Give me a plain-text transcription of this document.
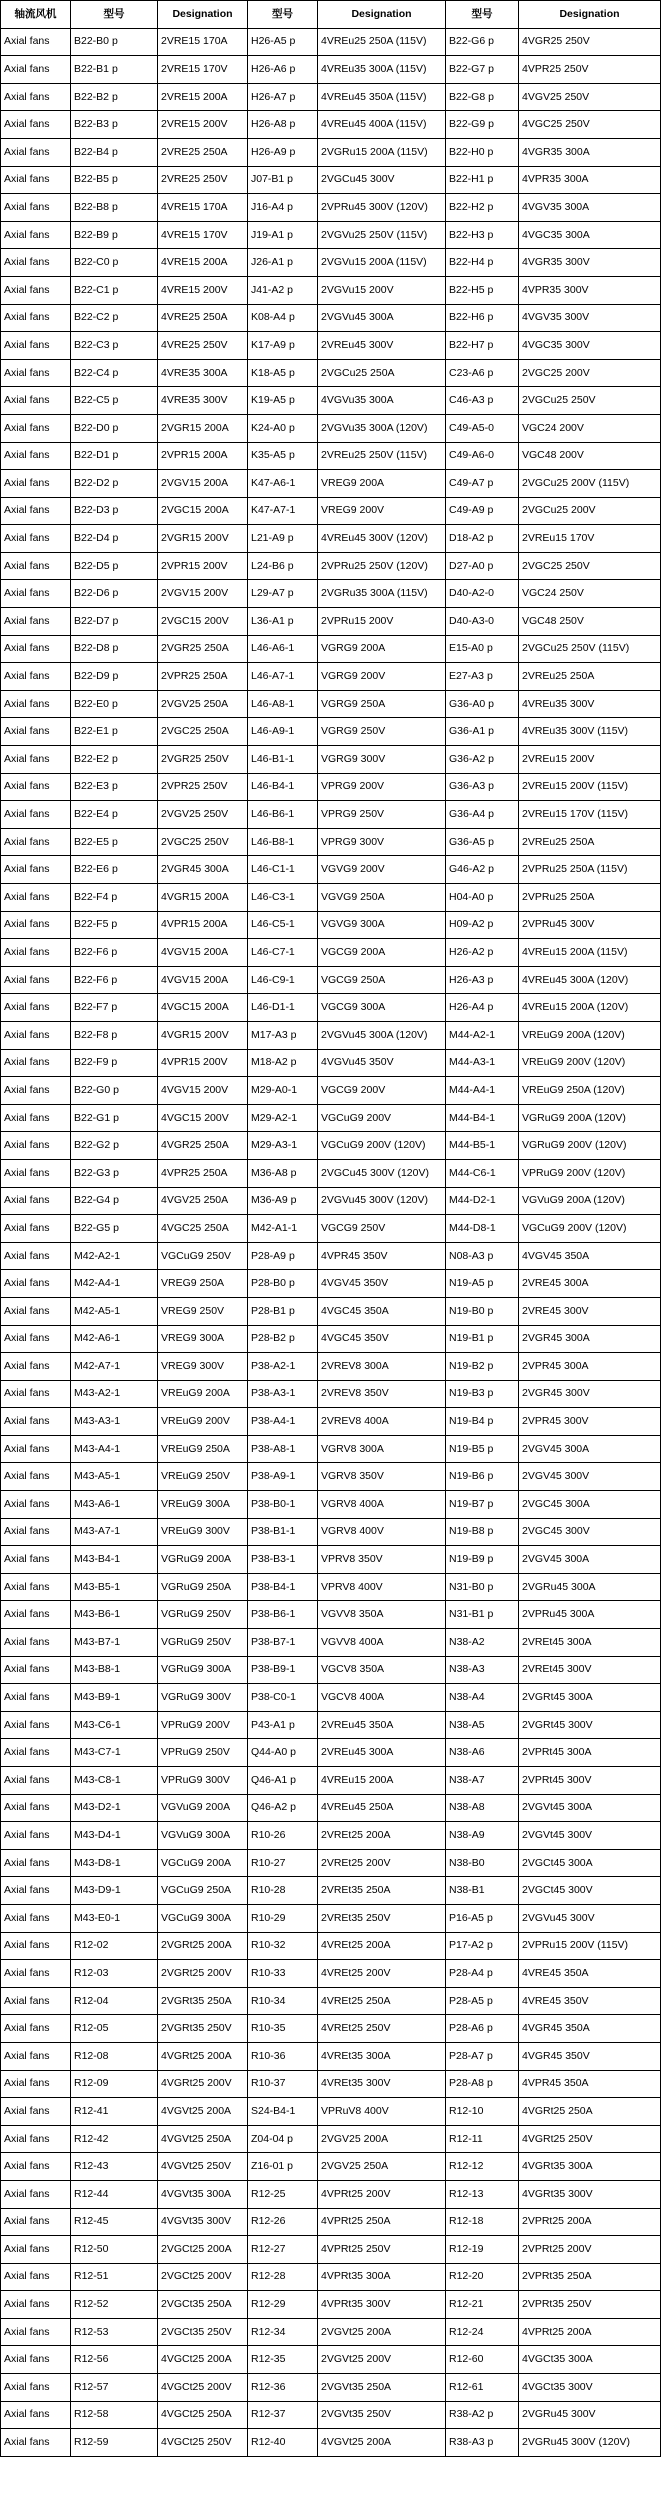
轴流风机	型号	Designation	型号	Designation	型号	Designation
Axial fans	B22-B0 p	2VRE15 170A	H26-A5 p	4VREu25 250A (115V)	B22-G6 p	4VGR25 250V
Axial fans	B22-B1 p	2VRE15 170V	H26-A6 p	4VREu35 300A (115V)	B22-G7 p	4VPR25 250V
Axial fans	B22-B2 p	2VRE15 200A	H26-A7 p	4VREu45 350A (115V)	B22-G8 p	4VGV25 250V
Axial fans	B22-B3 p	2VRE15 200V	H26-A8 p	4VREu45 400A (115V)	B22-G9 p	4VGC25 250V
Axial fans	B22-B4 p	2VRE25 250A	H26-A9 p	2VGRu15 200A (115V)	B22-H0 p	4VGR35 300A
Axial fans	B22-B5 p	2VRE25 250V	J07-B1 p	2VGCu45 300V	B22-H1 p	4VPR35 300A
Axial fans	B22-B8 p	4VRE15 170A	J16-A4 p	2VPRu45 300V (120V)	B22-H2 p	4VGV35 300A
Axial fans	B22-B9 p	4VRE15 170V	J19-A1 p	2VGVu25 250V (115V)	B22-H3 p	4VGC35 300A
Axial fans	B22-C0 p	4VRE15 200A	J26-A1 p	2VGVu15 200A (115V)	B22-H4 p	4VGR35 300V
Axial fans	B22-C1 p	4VRE15 200V	J41-A2 p	2VGVu15 200V	B22-H5 p	4VPR35 300V
Axial fans	B22-C2 p	4VRE25 250A	K08-A4 p	2VGVu45 300A	B22-H6 p	4VGV35 300V
Axial fans	B22-C3 p	4VRE25 250V	K17-A9 p	2VREu45 300V	B22-H7 p	4VGC35 300V
Axial fans	B22-C4 p	4VRE35 300A	K18-A5 p	2VGCu25 250A	C23-A6 p	2VGC25 200V
Axial fans	B22-C5 p	4VRE35 300V	K19-A5 p	4VGVu35 300A	C46-A3 p	2VGCu25 250V
Axial fans	B22-D0 p	2VGR15 200A	K24-A0 p	2VGVu35 300A (120V)	C49-A5-0	VGC24 200V
Axial fans	B22-D1 p	2VPR15 200A	K35-A5 p	2VREu25 250V (115V)	C49-A6-0	VGC48 200V
Axial fans	B22-D2 p	2VGV15 200A	K47-A6-1	VREG9 200A	C49-A7 p	2VGCu25 200V (115V)
Axial fans	B22-D3 p	2VGC15 200A	K47-A7-1	VREG9 200V	C49-A9 p	2VGCu25 200V
Axial fans	B22-D4 p	2VGR15 200V	L21-A9 p	4VREu45 300V (120V)	D18-A2 p	2VREu15 170V
Axial fans	B22-D5 p	2VPR15 200V	L24-B6 p	2VPRu25 250V (120V)	D27-A0 p	2VGC25 250V
Axial fans	B22-D6 p	2VGV15 200V	L29-A7 p	2VGRu35 300A (115V)	D40-A2-0	VGC24 250V
Axial fans	B22-D7 p	2VGC15 200V	L36-A1 p	2VPRu15 200V	D40-A3-0	VGC48 250V
Axial fans	B22-D8 p	2VGR25 250A	L46-A6-1	VGRG9 200A	E15-A0 p	2VGCu25 250V (115V)
Axial fans	B22-D9 p	2VPR25 250A	L46-A7-1	VGRG9 200V	E27-A3 p	2VREu25 250A
Axial fans	B22-E0 p	2VGV25 250A	L46-A8-1	VGRG9 250A	G36-A0 p	4VREu35 300V
Axial fans	B22-E1 p	2VGC25 250A	L46-A9-1	VGRG9 250V	G36-A1 p	4VREu35 300V (115V)
Axial fans	B22-E2 p	2VGR25 250V	L46-B1-1	VGRG9 300V	G36-A2 p	2VREu15 200V
Axial fans	B22-E3 p	2VPR25 250V	L46-B4-1	VPRG9 200V	G36-A3 p	2VREu15 200V (115V)
Axial fans	B22-E4 p	2VGV25 250V	L46-B6-1	VPRG9 250V	G36-A4 p	2VREu15 170V (115V)
Axial fans	B22-E5 p	2VGC25 250V	L46-B8-1	VPRG9 300V	G36-A5 p	2VREu25 250A
Axial fans	B22-E6 p	2VGR45 300A	L46-C1-1	VGVG9 200V	G46-A2 p	2VPRu25 250A (115V)
Axial fans	B22-F4 p	4VGR15 200A	L46-C3-1	VGVG9 250A	H04-A0 p	2VPRu25 250A
Axial fans	B22-F5 p	4VPR15 200A	L46-C5-1	VGVG9 300A	H09-A2 p	2VPRu45 300V
Axial fans	B22-F6 p	4VGV15 200A	L46-C7-1	VGCG9 200A	H26-A2 p	4VREu15 200A (115V)
Axial fans	B22-F6 p	4VGV15 200A	L46-C9-1	VGCG9 250A	H26-A3 p	4VREu45 300A (120V)
Axial fans	B22-F7 p	4VGC15 200A	L46-D1-1	VGCG9 300A	H26-A4 p	4VREu15 200A (120V)
Axial fans	B22-F8 p	4VGR15 200V	M17-A3 p	2VGVu45 300A (120V)	M44-A2-1	VREuG9 200A (120V)
Axial fans	B22-F9 p	4VPR15 200V	M18-A2 p	4VGVu45 350V	M44-A3-1	VREuG9 200V (120V)
Axial fans	B22-G0 p	4VGV15 200V	M29-A0-1	VGCG9 200V	M44-A4-1	VREuG9 250A (120V)
Axial fans	B22-G1 p	4VGC15 200V	M29-A2-1	VGCuG9 200V	M44-B4-1	VGRuG9 200A (120V)
Axial fans	B22-G2 p	4VGR25 250A	M29-A3-1	VGCuG9 200V (120V)	M44-B5-1	VGRuG9 200V (120V)
Axial fans	B22-G3 p	4VPR25 250A	M36-A8 p	2VGCu45 300V (120V)	M44-C6-1	VPRuG9 200V (120V)
Axial fans	B22-G4 p	4VGV25 250A	M36-A9 p	2VGVu45 300V (120V)	M44-D2-1	VGVuG9 200A (120V)
Axial fans	B22-G5 p	4VGC25 250A	M42-A1-1	VGCG9 250V	M44-D8-1	VGCuG9 200V (120V)
Axial fans	M42-A2-1	VGCuG9 250V	P28-A9 p	4VPR45 350V	N08-A3 p	4VGV45 350A
Axial fans	M42-A4-1	VREG9 250A	P28-B0 p	4VGV45 350V	N19-A5 p	2VRE45 300A
Axial fans	M42-A5-1	VREG9 250V	P28-B1 p	4VGC45 350A	N19-B0 p	2VRE45 300V
Axial fans	M42-A6-1	VREG9 300A	P28-B2 p	4VGC45 350V	N19-B1 p	2VGR45 300A
Axial fans	M42-A7-1	VREG9 300V	P38-A2-1	2VREV8 300A	N19-B2 p	2VPR45 300A
Axial fans	M43-A2-1	VREuG9 200A	P38-A3-1	2VREV8 350V	N19-B3 p	2VGR45 300V
Axial fans	M43-A3-1	VREuG9 200V	P38-A4-1	2VREV8 400A	N19-B4 p	2VPR45 300V
Axial fans	M43-A4-1	VREuG9 250A	P38-A8-1	VGRV8 300A	N19-B5 p	2VGV45 300A
Axial fans	M43-A5-1	VREuG9 250V	P38-A9-1	VGRV8 350V	N19-B6 p	2VGV45 300V
Axial fans	M43-A6-1	VREuG9 300A	P38-B0-1	VGRV8 400A	N19-B7 p	2VGC45 300A
Axial fans	M43-A7-1	VREuG9 300V	P38-B1-1	VGRV8 400V	N19-B8 p	2VGC45 300V
Axial fans	M43-B4-1	VGRuG9 200A	P38-B3-1	VPRV8 350V	N19-B9 p	2VGV45 300A
Axial fans	M43-B5-1	VGRuG9 250A	P38-B4-1	VPRV8 400V	N31-B0 p	2VGRu45 300A
Axial fans	M43-B6-1	VGRuG9 250V	P38-B6-1	VGVV8 350A	N31-B1 p	2VPRu45 300A
Axial fans	M43-B7-1	VGRuG9 250V	P38-B7-1	VGVV8 400A	N38-A2	2VREt45 300A
Axial fans	M43-B8-1	VGRuG9 300A	P38-B9-1	VGCV8 350A	N38-A3	2VREt45 300V
Axial fans	M43-B9-1	VGRuG9 300V	P38-C0-1	VGCV8 400A	N38-A4	2VGRt45 300A
Axial fans	M43-C6-1	VPRuG9 200V	P43-A1 p	2VREu45 350A	N38-A5	2VGRt45 300V
Axial fans	M43-C7-1	VPRuG9 250V	Q44-A0 p	2VREu45 300A	N38-A6	2VPRt45 300A
Axial fans	M43-C8-1	VPRuG9 300V	Q46-A1 p	4VREu15 200A	N38-A7	2VPRt45 300V
Axial fans	M43-D2-1	VGVuG9 200A	Q46-A2 p	4VREu45 250A	N38-A8	2VGVt45 300A
Axial fans	M43-D4-1	VGVuG9 300A	R10-26	2VREt25 200A	N38-A9	2VGVt45 300V
Axial fans	M43-D8-1	VGCuG9 200A	R10-27	2VREt25 200V	N38-B0	2VGCt45 300A
Axial fans	M43-D9-1	VGCuG9 250A	R10-28	2VREt35 250A	N38-B1	2VGCt45 300V
Axial fans	M43-E0-1	VGCuG9 300A	R10-29	2VREt35 250V	P16-A5 p	2VGVu45 300V
Axial fans	R12-02	2VGRt25 200A	R10-32	4VREt25 200A	P17-A2 p	2VPRu15 200V (115V)
Axial fans	R12-03	2VGRt25 200V	R10-33	4VREt25 200V	P28-A4 p	4VRE45 350A
Axial fans	R12-04	2VGRt35 250A	R10-34	4VREt25 250A	P28-A5 p	4VRE45 350V
Axial fans	R12-05	2VGRt35 250V	R10-35	4VREt25 250V	P28-A6 p	4VGR45 350A
Axial fans	R12-08	4VGRt25 200A	R10-36	4VREt35 300A	P28-A7 p	4VGR45 350V
Axial fans	R12-09	4VGRt25 200V	R10-37	4VREt35 300V	P28-A8 p	4VPR45 350A
Axial fans	R12-41	4VGVt25 200A	S24-B4-1	VPRuV8 400V	R12-10	4VGRt25 250A
Axial fans	R12-42	4VGVt25 250A	Z04-04 p	2VGV25 200A	R12-11	4VGRt25 250V
Axial fans	R12-43	4VGVt25 250V	Z16-01 p	2VGV25 250A	R12-12	4VGRt35 300A
Axial fans	R12-44	4VGVt35 300A	R12-25	4VPRt25 200V	R12-13	4VGRt35 300V
Axial fans	R12-45	4VGVt35 300V	R12-26	4VPRt25 250A	R12-18	2VPRt25 200A
Axial fans	R12-50	2VGCt25 200A	R12-27	4VPRt25 250V	R12-19	2VPRt25 200V
Axial fans	R12-51	2VGCt25 200V	R12-28	4VPRt35 300A	R12-20	2VPRt35 250A
Axial fans	R12-52	2VGCt35 250A	R12-29	4VPRt35 300V	R12-21	2VPRt35 250V
Axial fans	R12-53	2VGCt35 250V	R12-34	2VGVt25 200A	R12-24	4VPRt25 200A
Axial fans	R12-56	4VGCt25 200A	R12-35	2VGVt25 200V	R12-60	4VGCt35 300A
Axial fans	R12-57	4VGCt25 200V	R12-36	2VGVt35 250A	R12-61	4VGCt35 300V
Axial fans	R12-58	4VGCt25 250A	R12-37	2VGVt35 250V	R38-A2 p	2VGRu45 300V
Axial fans	R12-59	4VGCt25 250V	R12-40	4VGVt25 200A	R38-A3 p	2VGRu45 300V (120V)
